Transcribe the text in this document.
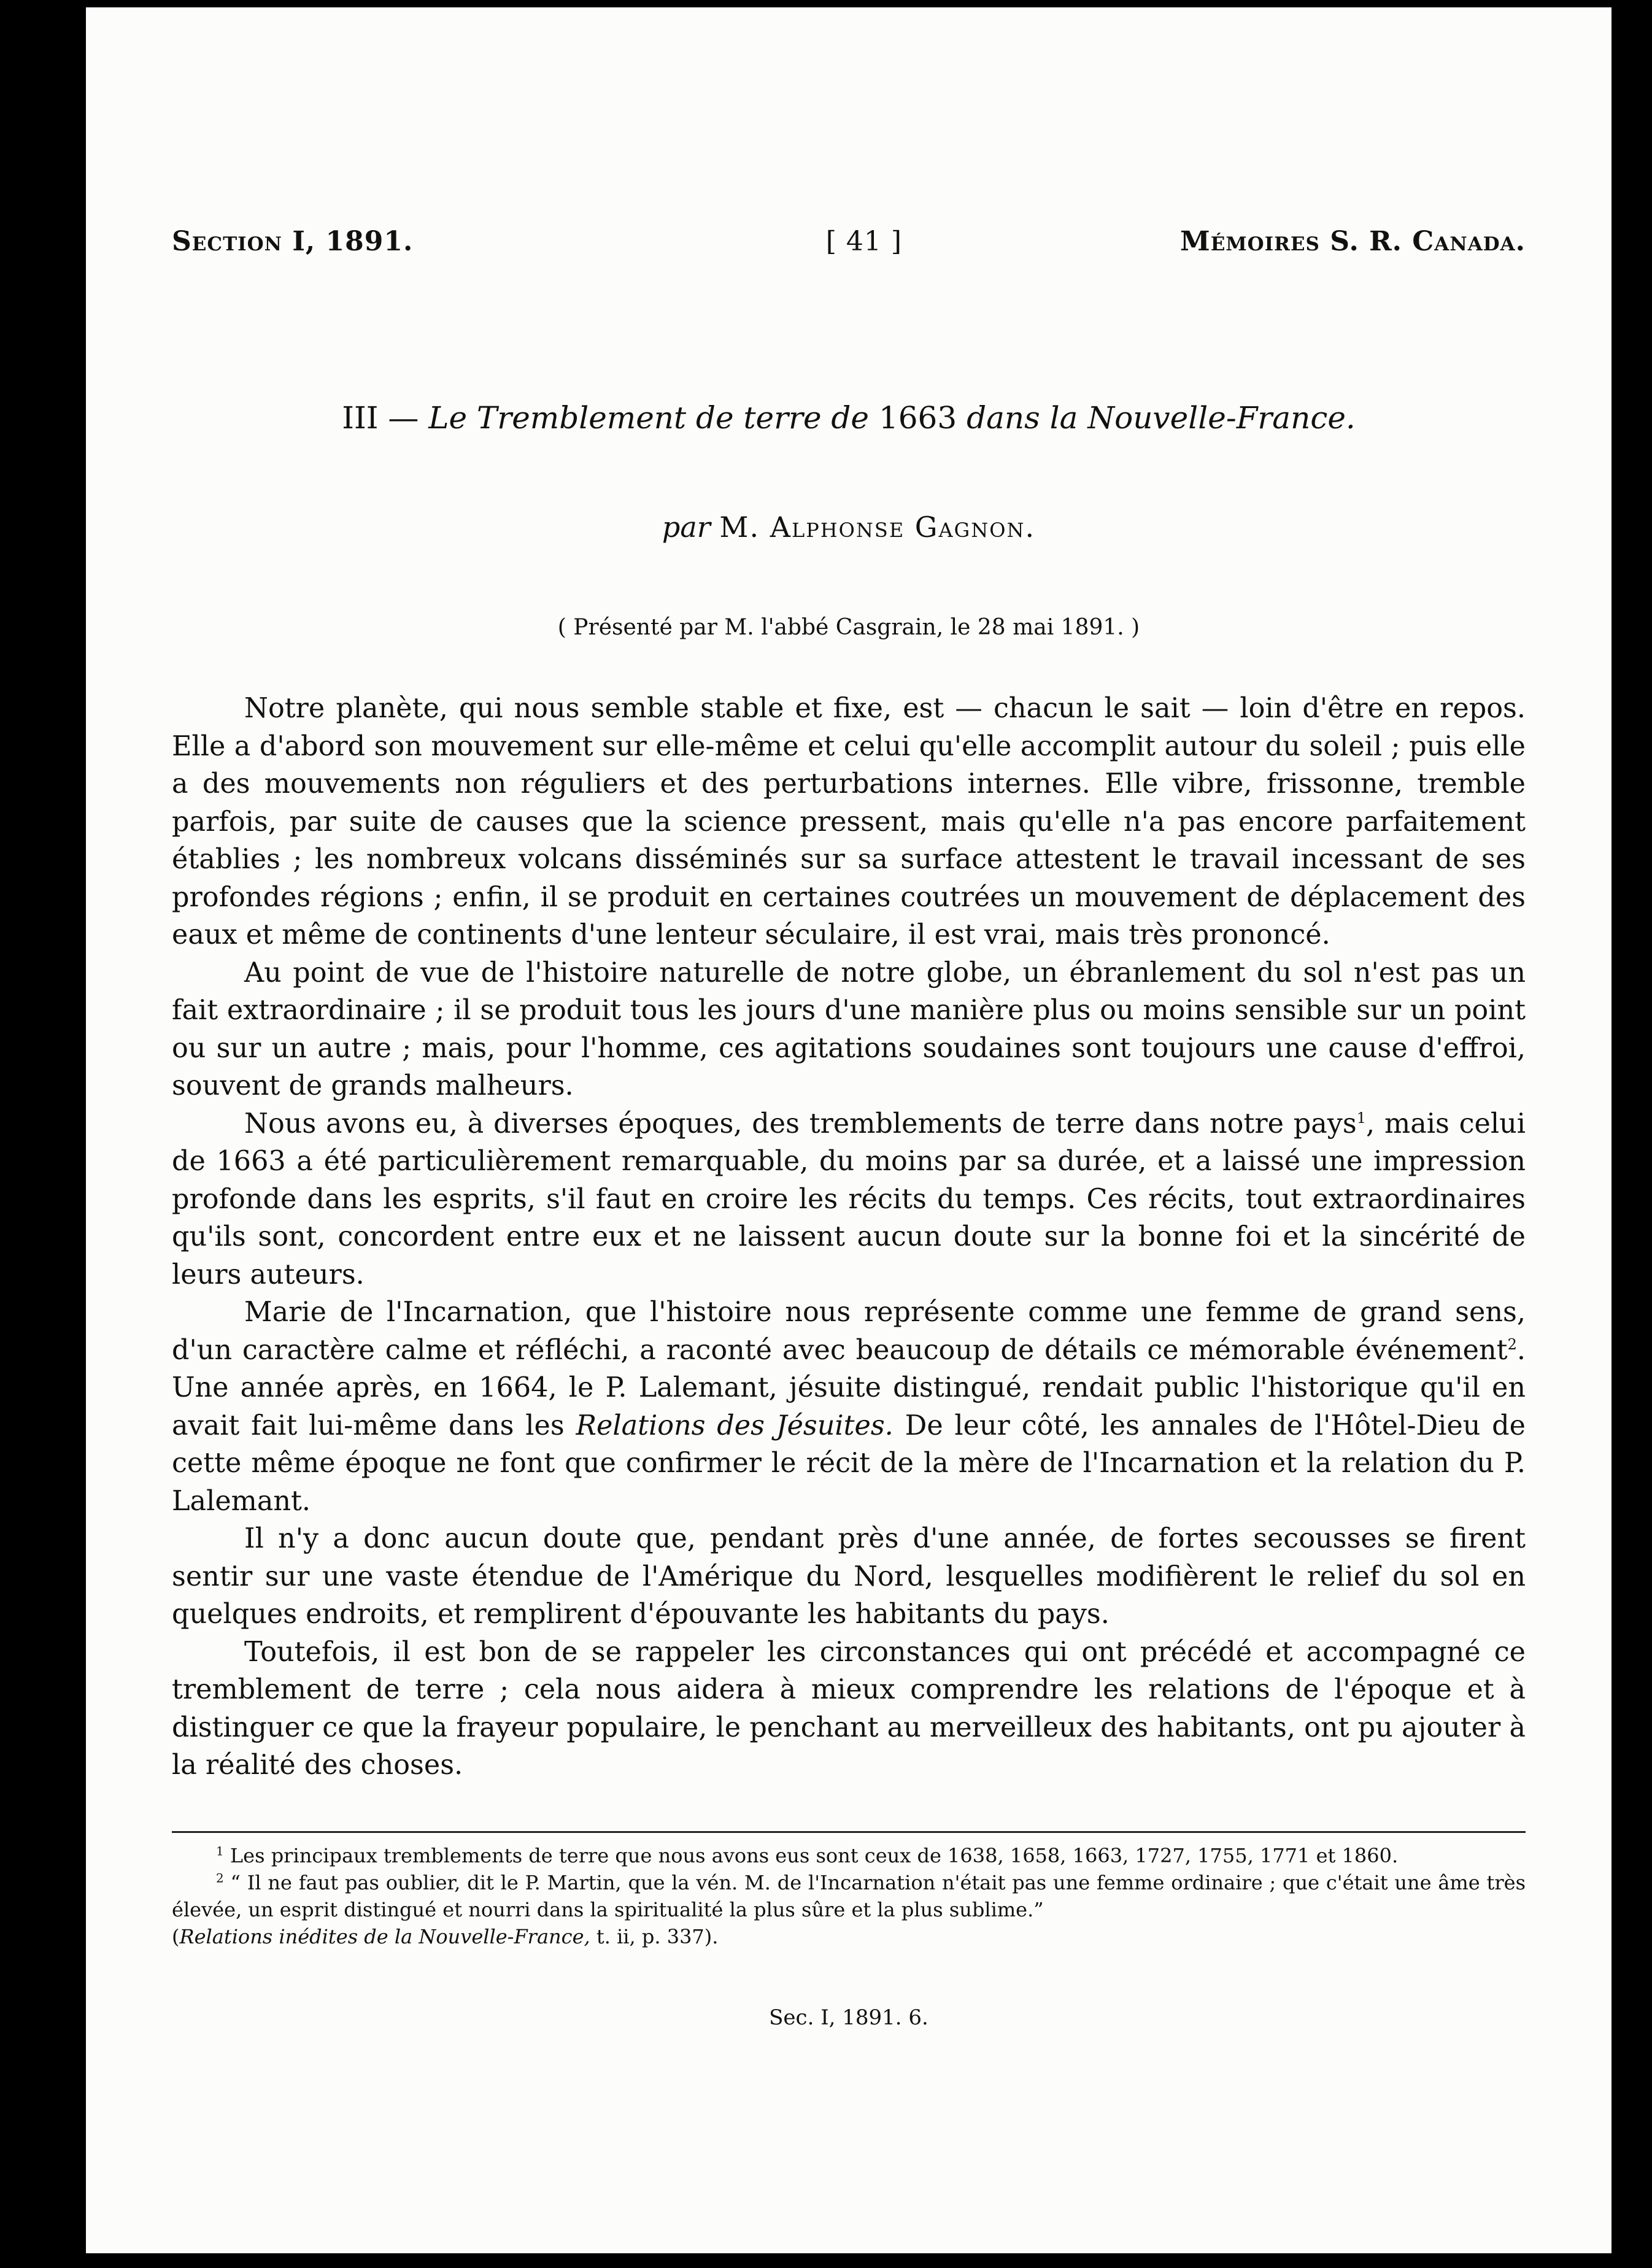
Section I, 1891.	[ 41 ]	Mémoires S. R. Canada.
III — Le Tremblement de terre de 1663 dans la Nouvelle-France.
par M. Alphonse Gagnon.
( Présenté par M. l'abbé Casgrain, le 28 mai 1891. )

Notre planète, qui nous semble stable et fixe, est — chacun le sait — loin d'être en repos. Elle a d'abord son mouvement sur elle-même et celui qu'elle accomplit autour du soleil ; puis elle a des mouvements non réguliers et des perturbations internes. Elle vibre, frissonne, tremble parfois, par suite de causes que la science pressent, mais qu'elle n'a pas encore parfaitement établies ; les nombreux volcans disséminés sur sa surface attestent le travail incessant de ses profondes régions ; enfin, il se produit en certaines coutrées un mouvement de déplacement des eaux et même de continents d'une lenteur séculaire, il est vrai, mais très prononcé.

Au point de vue de l'histoire naturelle de notre globe, un ébranlement du sol n'est pas un fait extraordinaire ; il se produit tous les jours d'une manière plus ou moins sensible sur un point ou sur un autre ; mais, pour l'homme, ces agitations soudaines sont toujours une cause d'effroi, souvent de grands malheurs.

Nous avons eu, à diverses époques, des tremblements de terre dans notre pays$^1$, mais celui de 1663 a été particulièrement remarquable, du moins par sa durée, et a laissé une impression profonde dans les esprits, s'il faut en croire les récits du temps. Ces récits, tout extraordinaires qu'ils sont, concordent entre eux et ne laissent aucun doute sur la bonne foi et la sincérité de leurs auteurs.

Marie de l'Incarnation, que l'histoire nous représente comme une femme de grand sens, d'un caractère calme et réfléchi, a raconté avec beaucoup de détails ce mémorable événement$^2$. Une année après, en 1664, le P. Lalemant, jésuite distingué, rendait public l'historique qu'il en avait fait lui-même dans les Relations des Jésuites. De leur côté, les annales de l'Hôtel-Dieu de cette même époque ne font que confirmer le récit de la mère de l'Incarnation et la relation du P. Lalemant.

Il n'y a donc aucun doute que, pendant près d'une année, de fortes secousses se firent sentir sur une vaste étendue de l'Amérique du Nord, lesquelles modifièrent le relief du sol en quelques endroits, et remplirent d'épouvante les habitants du pays.

Toutefois, il est bon de se rappeler les circonstances qui ont précédé et accompagné ce tremblement de terre ; cela nous aidera à mieux comprendre les relations de l'époque et à distinguer ce que la frayeur populaire, le penchant au merveilleux des habitants, ont pu ajouter à la réalité des choses.

$^1$ Les principaux tremblements de terre que nous avons eus sont ceux de 1638, 1658, 1663, 1727, 1755, 1771 et 1860.

$^2$ “ Il ne faut pas oublier, dit le P. Martin, que la vén. M. de l'Incarnation n'était pas une femme ordinaire ; que c'était une âme très élevée, un esprit distingué et nourri dans la spiritualité la plus sûre et la plus sublime.”
(Relations inédites de la Nouvelle-France, t. ii, p. 337).

Sec. I, 1891. 6.
